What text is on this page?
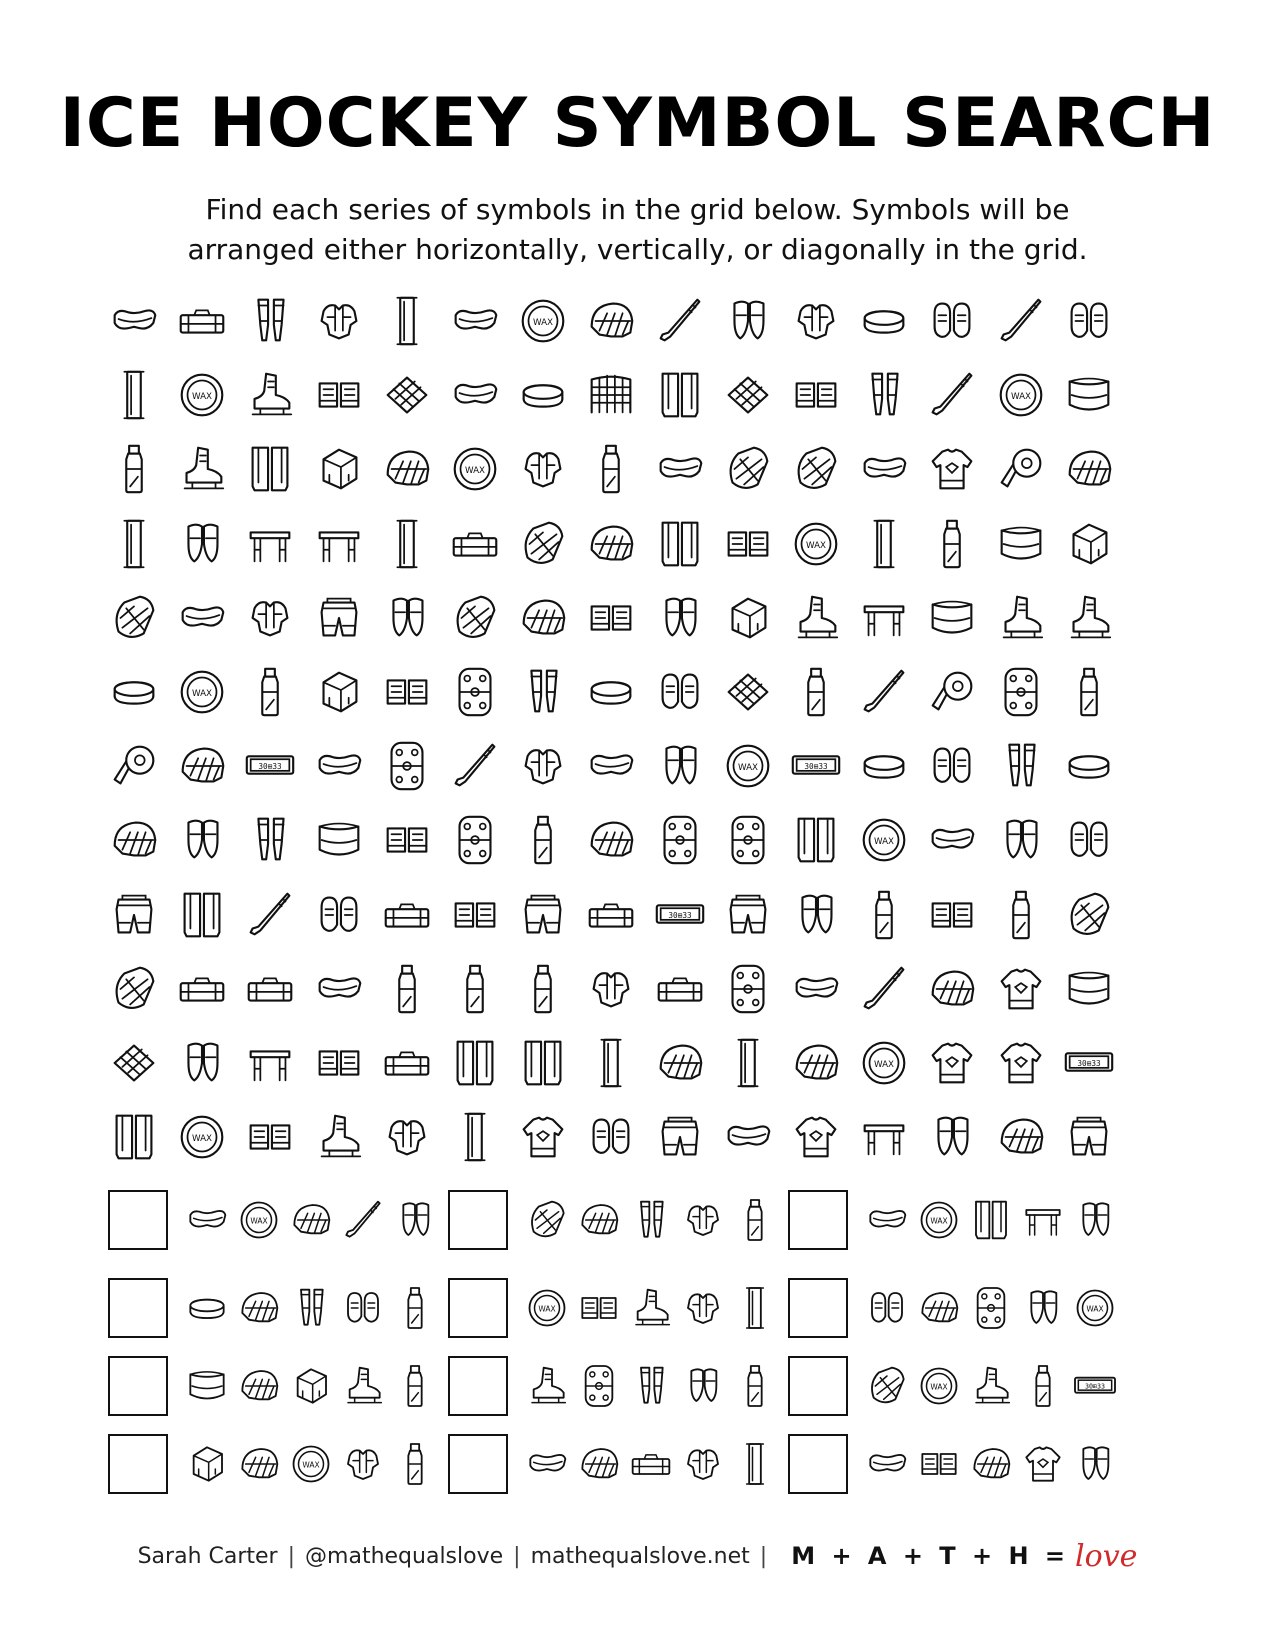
ICE HOCKEY SYMBOL SEARCH
Find each series of symbols in the grid below. Symbols will be
arranged either horizontally, vertically, or diagonally in the grid.
WAX
WAX	WAX
WAX
WAX
WAX
30⊞33	WAX	30⊞33
WAX
30⊞33
WAX	30⊞33
WAX
WAX	WAX
WAX	WAX
WAX	30⊞33
WAX
Sarah Carter | @mathequalslove | mathequalslove.net | M + A + T + H = love
